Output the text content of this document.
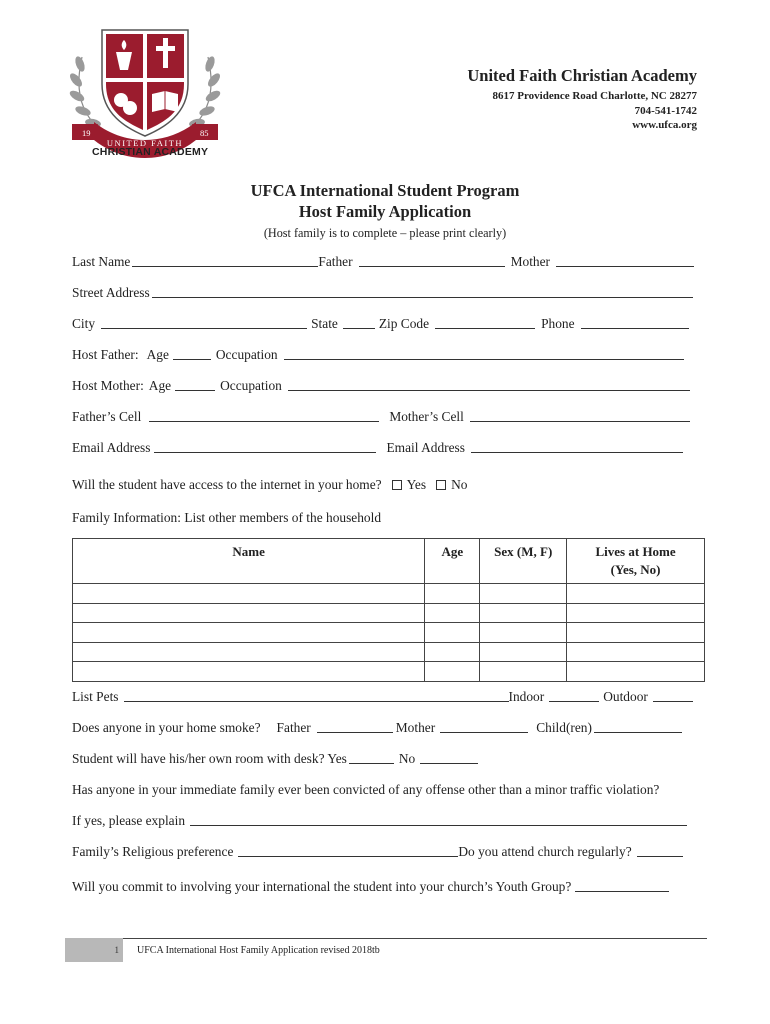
19	85
UNITED FAITH
CHRISTIAN ACADEMY
United Faith Christian Academy
8617 Providence Road Charlotte, NC 28277
704-541-1742
www.ufca.org
UFCA International Student Program
Host Family Application
(Host family is to complete – please print clearly)
Last Name	Father	Mother
Street Address
City	State	Zip Code	Phone
Host Father: Age	Occupation
Host Mother: Age	Occupation
Father’s Cell	Mother’s Cell
Email Address	Email Address
Will the student have access to the internet in your home? Yes No
Family Information: List other members of the household
Name	Age	Sex (M, F)	Lives at Home
(Yes, No)

List Pets	Indoor	Outdoor
Does anyone in your home smoke? Father	Mother	Child(ren)
Student will have his/her own room with desk? Yes	No
Has anyone in your immediate family ever been convicted of any offense other than a minor traffic violation?
If yes, please explain
Family’s Religious preference	Do you attend church regularly?
Will you commit to involving your international the student into your church’s Youth Group?
1	UFCA International Host Family Application revised 2018tb
